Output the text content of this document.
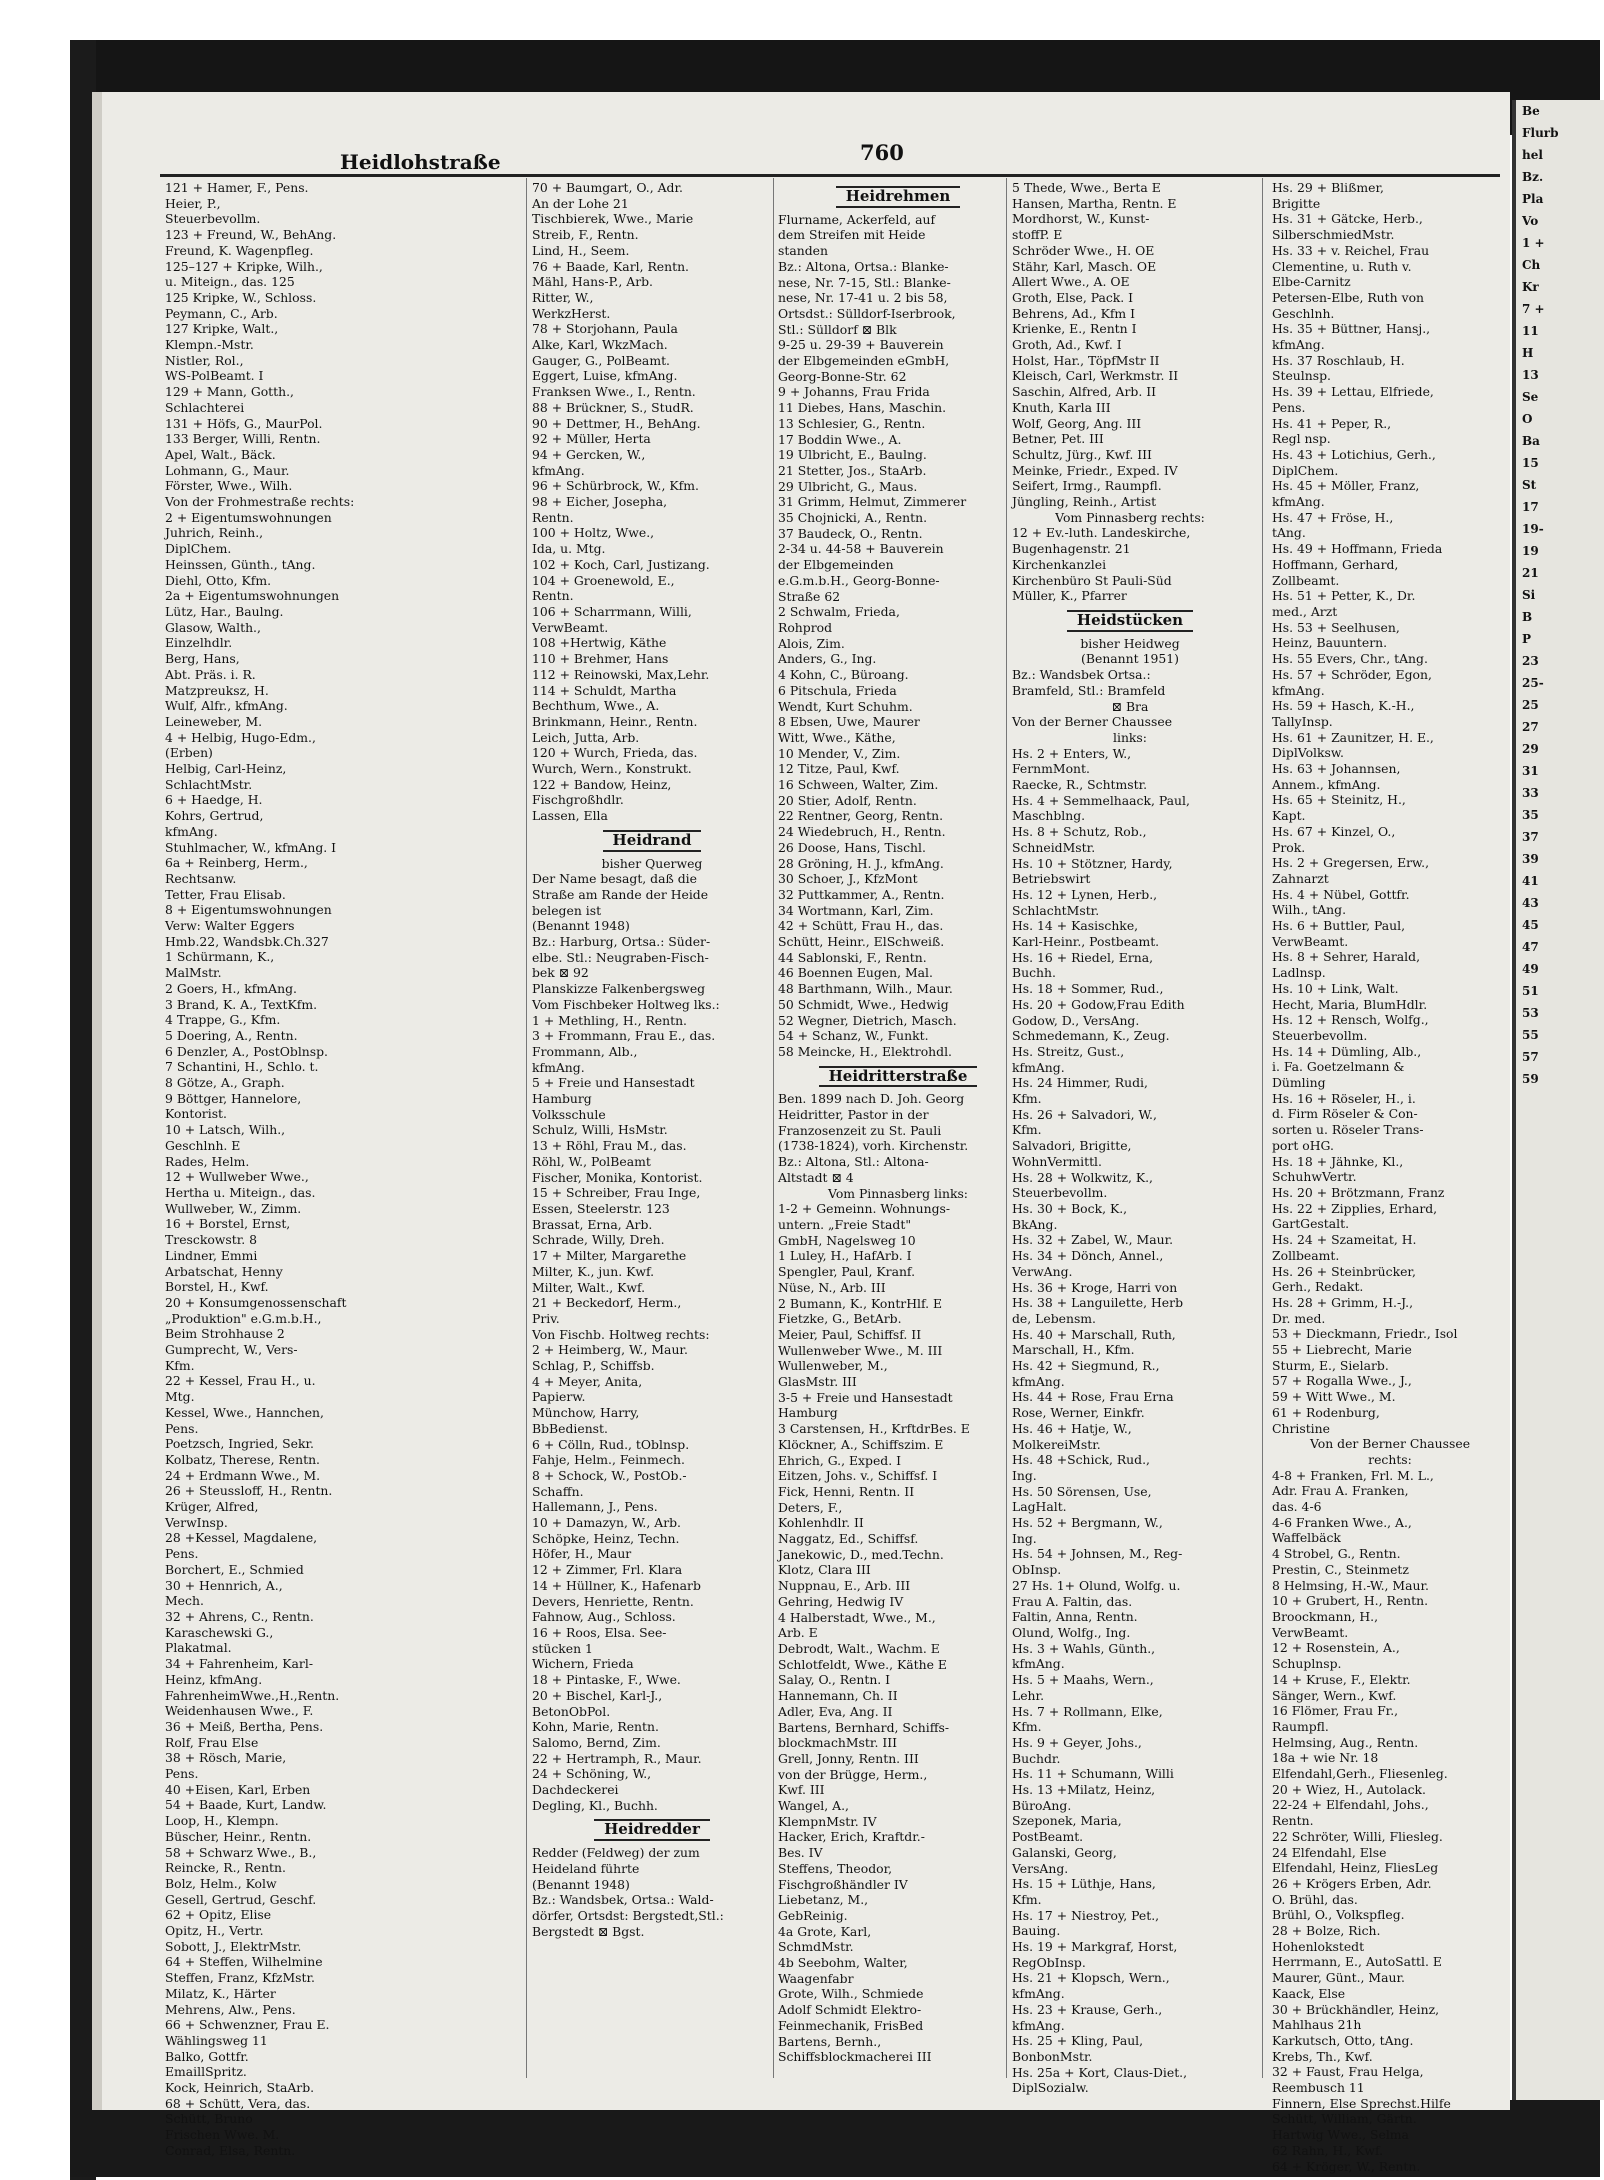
Be
Flurb
hel
Bz.
Pla
Vo
1 +
Ch
Kr
7 +
11
H
13
Se
O
Ba
15
St
17
19-
19
21
Si
B
P
23
25-
25
27
29
31
33
35
37
39
41
43
45
47
49
51
53
55
57
59
Heidlohstraße	760
121 + Hamer, F., Pens.
Heier, P.,
Steuerbevollm.
123 + Freund, W., BehAng.
Freund, K. Wagenpfleg.
125–127 + Kripke, Wilh.,
u. Miteign., das. 125
125 Kripke, W., Schloss.
Peymann, C., Arb.
127 Kripke, Walt.,
Klempn.-Mstr.
Nistler, Rol.,
WS-PolBeamt. I
129 + Mann, Gotth.,
Schlachterei
131 + Höfs, G., MaurPol.
133 Berger, Willi, Rentn.
Apel, Walt., Bäck.
Lohmann, G., Maur.
Förster, Wwe., Wilh.
Von der Frohmestraße rechts:
2 + Eigentumswohnungen
Juhrich, Reinh.,
DiplChem.
Heinssen, Günth., tAng.
Diehl, Otto, Kfm.
2a + Eigentumswohnungen
Lütz, Har., Baulng.
Glasow, Walth.,
Einzelhdlr.
Berg, Hans,
Abt. Präs. i. R.
Matzpreuksz, H.
Wulf, Alfr., kfmAng.
Leineweber, M.
4 + Helbig, Hugo-Edm.,
(Erben)
Helbig, Carl-Heinz,
SchlachtMstr.
6 + Haedge, H.
Kohrs, Gertrud,
kfmAng.
Stuhlmacher, W., kfmAng. I
6a + Reinberg, Herm.,
Rechtsanw.
Tetter, Frau Elisab.
8 + Eigentumswohnungen
Verw: Walter Eggers
Hmb.22, Wandsbk.Ch.327
1 Schürmann, K.,
MalMstr.
2 Goers, H., kfmAng.
3 Brand, K. A., TextKfm.
4 Trappe, G., Kfm.
5 Doering, A., Rentn.
6 Denzler, A., PostOblnsp.
7 Schantini, H., Schlo. t.
8 Götze, A., Graph.
9 Böttger, Hannelore,
Kontorist.
10 + Latsch, Wilh.,
Geschlnh. E
Rades, Helm.
12 + Wullweber Wwe.,
Hertha u. Miteign., das.
Wullweber, W., Zimm.
16 + Borstel, Ernst,
Tresckowstr. 8
Lindner, Emmi
Arbatschat, Henny
Borstel, H., Kwf.
20 + Konsumgenossenschaft
„Produktion" e.G.m.b.H.,
Beim Strohhause 2
Gumprecht, W., Vers-
Kfm.
22 + Kessel, Frau H., u.
Mtg.
Kessel, Wwe., Hannchen,
Pens.
Poetzsch, Ingried, Sekr.
Kolbatz, Therese, Rentn.
24 + Erdmann Wwe., M.
26 + Steussloff, H., Rentn.
Krüger, Alfred,
VerwInsp.
28 +Kessel, Magdalene,
Pens.
Borchert, E., Schmied
30 + Hennrich, A.,
Mech.
32 + Ahrens, C., Rentn.
Karaschewski G.,
Plakatmal.
34 + Fahrenheim, Karl-
Heinz, kfmAng.
FahrenheimWwe.,H.,Rentn.
Weidenhausen Wwe., F.
36 + Meiß, Bertha, Pens.
Rolf, Frau Else
38 + Rösch, Marie,
Pens.
40 +Eisen, Karl, Erben
54 + Baade, Kurt, Landw.
Loop, H., Klempn.
Büscher, Heinr., Rentn.
58 + Schwarz Wwe., B.,
Reincke, R., Rentn.
Bolz, Helm., Kolw
Gesell, Gertrud, Geschf.
62 + Opitz, Elise
Opitz, H., Vertr.
Sobott, J., ElektrMstr.
64 + Steffen, Wilhelmine
Steffen, Franz, KfzMstr.
Milatz, K., Härter
Mehrens, Alw., Pens.
66 + Schwenzner, Frau E.
Wählingsweg 11
Balko, Gottfr.
EmaillSpritz.
Kock, Heinrich, StaArb.
68 + Schütt, Vera, das.
Schütt, Bruno
Frischen Wwe. M.
Conrad, Elsa, Rentn.
70 + Baumgart, O., Adr.
An der Lohe 21
Tischbierek, Wwe., Marie
Streib, F., Rentn.
Lind, H., Seem.
76 + Baade, Karl, Rentn.
Mähl, Hans-P., Arb.
Ritter, W.,
WerkzHerst.
78 + Storjohann, Paula
Alke, Karl, WkzMach.
Gauger, G., PolBeamt.
Eggert, Luise, kfmAng.
Franksen Wwe., I., Rentn.
88 + Brückner, S., StudR.
90 + Dettmer, H., BehAng.
92 + Müller, Herta
94 + Gercken, W.,
kfmAng.
96 + Schürbrock, W., Kfm.
98 + Eicher, Josepha,
Rentn.
100 + Holtz, Wwe.,
Ida, u. Mtg.
102 + Koch, Carl, Justizang.
104 + Groenewold, E.,
Rentn.
106 + Scharrmann, Willi,
VerwBeamt.
108 +Hertwig, Käthe
110 + Brehmer, Hans
112 + Reinowski, Max,Lehr.
114 + Schuldt, Martha
Bechthum, Wwe., A.
Brinkmann, Heinr., Rentn.
Leich, Jutta, Arb.
120 + Wurch, Frieda, das.
Wurch, Wern., Konstrukt.
122 + Bandow, Heinz,
Fischgroßhdlr.
Lassen, Ella
Heidrand
bisher Querweg
Der Name besagt, daß die
Straße am Rande der Heide
belegen ist
(Benannt 1948)
Bz.: Harburg, Ortsa.: Süder-
elbe. Stl.: Neugraben-Fisch-
bek ⊠ 92
Planskizze Falkenbergsweg
Vom Fischbeker Holtweg lks.:
1 + Methling, H., Rentn.
3 + Frommann, Frau E., das.
Frommann, Alb.,
kfmAng.
5 + Freie und Hansestadt
Hamburg
Volksschule
Schulz, Willi, HsMstr.
13 + Röhl, Frau M., das.
Röhl, W., PolBeamt
Fischer, Monika, Kontorist.
15 + Schreiber, Frau Inge,
Essen, Steelerstr. 123
Brassat, Erna, Arb.
Schrade, Willy, Dreh.
17 + Milter, Margarethe
Milter, K., jun. Kwf.
Milter, Walt., Kwf.
21 + Beckedorf, Herm.,
Priv.
Von Fischb. Holtweg rechts:
2 + Heimberg, W., Maur.
Schlag, P., Schiffsb.
4 + Meyer, Anita,
Papierw.
Münchow, Harry,
BbBedienst.
6 + Cölln, Rud., tOblnsp.
Fahje, Helm., Feinmech.
8 + Schock, W., PostOb.-
Schaffn.
Hallemann, J., Pens.
10 + Damazyn, W., Arb.
Schöpke, Heinz, Techn.
Höfer, H., Maur
12 + Zimmer, Frl. Klara
14 + Hüllner, K., Hafenarb
Devers, Henriette, Rentn.
Fahnow, Aug., Schloss.
16 + Roos, Elsa. See-
stücken 1
Wichern, Frieda
18 + Pintaske, F., Wwe.
20 + Bischel, Karl-J.,
BetonObPol.
Kohn, Marie, Rentn.
Salomo, Bernd, Zim.
22 + Hertramph, R., Maur.
24 + Schöning, W.,
Dachdeckerei
Degling, Kl., Buchh.
Heidredder
Redder (Feldweg) der zum
Heideland führte
(Benannt 1948)
Bz.: Wandsbek, Ortsa.: Wald-
dörfer, Ortsdst: Bergstedt,Stl.:
Bergstedt ⊠ Bgst.
Heidrehmen
Flurname, Ackerfeld, auf
dem Streifen mit Heide
standen
Bz.: Altona, Ortsa.: Blanke-
nese, Nr. 7-15, Stl.: Blanke-
nese, Nr. 17-41 u. 2 bis 58,
Ortsdst.: Sülldorf-Iserbrook,
Stl.: Sülldorf ⊠ Blk
9-25 u. 29-39 + Bauverein
der Elbgemeinden eGmbH,
Georg-Bonne-Str. 62
9 + Johanns, Frau Frida
11 Diebes, Hans, Maschin.
13 Schlesier, G., Rentn.
17 Boddin Wwe., A.
19 Ulbricht, E., Baulng.
21 Stetter, Jos., StaArb.
29 Ulbricht, G., Maus.
31 Grimm, Helmut, Zimmerer
35 Chojnicki, A., Rentn.
37 Baudeck, O., Rentn.
2-34 u. 44-58 + Bauverein
der Elbgemeinden
e.G.m.b.H., Georg-Bonne-
Straße 62
2 Schwalm, Frieda,
Rohprod
Alois, Zim.
Anders, G., Ing.
4 Kohn, C., Büroang.
6 Pitschula, Frieda
Wendt, Kurt Schuhm.
8 Ebsen, Uwe, Maurer
Witt, Wwe., Käthe,
10 Mender, V., Zim.
12 Titze, Paul, Kwf.
16 Schween, Walter, Zim.
20 Stier, Adolf, Rentn.
22 Rentner, Georg, Rentn.
24 Wiedebruch, H., Rentn.
26 Doose, Hans, Tischl.
28 Gröning, H. J., kfmAng.
30 Schoer, J., KfzMont
32 Puttkammer, A., Rentn.
34 Wortmann, Karl, Zim.
42 + Schütt, Frau H., das.
Schütt, Heinr., ElSchweiß.
44 Sablonski, F., Rentn.
46 Boennen Eugen, Mal.
48 Barthmann, Wilh., Maur.
50 Schmidt, Wwe., Hedwig
52 Wegner, Dietrich, Masch.
54 + Schanz, W., Funkt.
58 Meincke, H., Elektrohdl.
Heidritterstraße
Ben. 1899 nach D. Joh. Georg
Heidritter, Pastor in der
Franzosenzeit zu St. Pauli
(1738-1824), vorh. Kirchenstr.
Bz.: Altona, Stl.: Altona-
Altstadt ⊠ 4
Vom Pinnasberg links:
1-2 + Gemeinn. Wohnungs-
untern. „Freie Stadt"
GmbH, Nagelsweg 10
1 Luley, H., HafArb. I
Spengler, Paul, Kranf.
Nüse, N., Arb. III
2 Bumann, K., KontrHlf. E
Fietzke, G., BetArb.
Meier, Paul, Schiffsf. II
Wullenweber Wwe., M. III
Wullenweber, M.,
GlasMstr. III
3-5 + Freie und Hansestadt
Hamburg
3 Carstensen, H., KrftdrBes. E
Klöckner, A., Schiffszim. E
Ehrich, G., Exped. I
Eitzen, Johs. v., Schiffsf. I
Fick, Henni, Rentn. II
Deters, F.,
Kohlenhdlr. II
Naggatz, Ed., Schiffsf.
Janekowic, D., med.Techn.
Klotz, Clara III
Nuppnau, E., Arb. III
Gehring, Hedwig IV
4 Halberstadt, Wwe., M.,
Arb. E
Debrodt, Walt., Wachm. E
Schlotfeldt, Wwe., Käthe E
Salay, O., Rentn. I
Hannemann, Ch. II
Adler, Eva, Ang. II
Bartens, Bernhard, Schiffs-
blockmachMstr. III
Grell, Jonny, Rentn. III
von der Brügge, Herm.,
Kwf. III
Wangel, A.,
KlempnMstr. IV
Hacker, Erich, Kraftdr.-
Bes. IV
Steffens, Theodor,
Fischgroßhändler IV
Liebetanz, M.,
GebReinig.
4a Grote, Karl,
SchmdMstr.
4b Seebohm, Walter,
Waagenfabr
Grote, Wilh., Schmiede
Adolf Schmidt Elektro-
Feinmechanik, FrisBed
Bartens, Bernh.,
Schiffsblockmacherei III
5 Thede, Wwe., Berta E
Hansen, Martha, Rentn. E
Mordhorst, W., Kunst-
stoffP. E
Schröder Wwe., H. OE
Stähr, Karl, Masch. OE
Allert Wwe., A. OE
Groth, Else, Pack. I
Behrens, Ad., Kfm I
Krienke, E., Rentn I
Groth, Ad., Kwf. I
Holst, Har., TöpfMstr II
Kleisch, Carl, Werkmstr. II
Saschin, Alfred, Arb. II
Knuth, Karla III
Wolf, Georg, Ang. III
Betner, Pet. III
Schultz, Jürg., Kwf. III
Meinke, Friedr., Exped. IV
Seifert, Irmg., Raumpfl.
Jüngling, Reinh., Artist
Vom Pinnasberg rechts:
12 + Ev.-luth. Landeskirche,
Bugenhagenstr. 21
Kirchenkanzlei
Kirchenbüro St Pauli-Süd
Müller, K., Pfarrer
Heidstücken
bisher Heidweg
(Benannt 1951)
Bz.: Wandsbek Ortsa.:
Bramfeld, Stl.: Bramfeld
⊠ Bra
Von der Berner Chaussee
links:
Hs. 2 + Enters, W.,
FernmMont.
Raecke, R., Schtmstr.
Hs. 4 + Semmelhaack, Paul,
Maschblng.
Hs. 8 + Schutz, Rob.,
SchneidMstr.
Hs. 10 + Stötzner, Hardy,
Betriebswirt
Hs. 12 + Lynen, Herb.,
SchlachtMstr.
Hs. 14 + Kasischke,
Karl-Heinr., Postbeamt.
Hs. 16 + Riedel, Erna,
Buchh.
Hs. 18 + Sommer, Rud.,
Hs. 20 + Godow,Frau Edith
Godow, D., VersAng.
Schmedemann, K., Zeug.
Hs. Streitz, Gust.,
kfmAng.
Hs. 24 Himmer, Rudi,
Kfm.
Hs. 26 + Salvadori, W.,
Kfm.
Salvadori, Brigitte,
WohnVermittl.
Hs. 28 + Wolkwitz, K.,
Steuerbevollm.
Hs. 30 + Bock, K.,
BkAng.
Hs. 32 + Zabel, W., Maur.
Hs. 34 + Dönch, Annel.,
VerwAng.
Hs. 36 + Kroge, Harri von
Hs. 38 + Languilette, Herb
de, Lebensm.
Hs. 40 + Marschall, Ruth,
Marschall, H., Kfm.
Hs. 42 + Siegmund, R.,
kfmAng.
Hs. 44 + Rose, Frau Erna
Rose, Werner, Einkfr.
Hs. 46 + Hatje, W.,
MolkereiMstr.
Hs. 48 +Schick, Rud.,
Ing.
Hs. 50 Sörensen, Use,
LagHalt.
Hs. 52 + Bergmann, W.,
Ing.
Hs. 54 + Johnsen, M., Reg-
ObInsp.
27 Hs. 1+ Olund, Wolfg. u.
Frau A. Faltin, das.
Faltin, Anna, Rentn.
Olund, Wolfg., Ing.
Hs. 3 + Wahls, Günth.,
kfmAng.
Hs. 5 + Maahs, Wern.,
Lehr.
Hs. 7 + Rollmann, Elke,
Kfm.
Hs. 9 + Geyer, Johs.,
Buchdr.
Hs. 11 + Schumann, Willi
Hs. 13 +Milatz, Heinz,
BüroAng.
Szeponek, Maria,
PostBeamt.
Galanski, Georg,
VersAng.
Hs. 15 + Lüthje, Hans,
Kfm.
Hs. 17 + Niestroy, Pet.,
Bauing.
Hs. 19 + Markgraf, Horst,
RegObInsp.
Hs. 21 + Klopsch, Wern.,
kfmAng.
Hs. 23 + Krause, Gerh.,
kfmAng.
Hs. 25 + Kling, Paul,
BonbonMstr.
Hs. 25a + Kort, Claus-Diet.,
DiplSozialw.
Hs. 29 + Blißmer,
Brigitte
Hs. 31 + Gätcke, Herb.,
SilberschmiedMstr.
Hs. 33 + v. Reichel, Frau
Clementine, u. Ruth v.
Elbe-Carnitz
Petersen-Elbe, Ruth von
Geschlnh.
Hs. 35 + Büttner, Hansj.,
kfmAng.
Hs. 37 Roschlaub, H.
Steulnsp.
Hs. 39 + Lettau, Elfriede,
Pens.
Hs. 41 + Peper, R.,
Regl nsp.
Hs. 43 + Lotichius, Gerh.,
DiplChem.
Hs. 45 + Möller, Franz,
kfmAng.
Hs. 47 + Fröse, H.,
tAng.
Hs. 49 + Hoffmann, Frieda
Hoffmann, Gerhard,
Zollbeamt.
Hs. 51 + Petter, K., Dr.
med., Arzt
Hs. 53 + Seelhusen,
Heinz, Bauuntern.
Hs. 55 Evers, Chr., tAng.
Hs. 57 + Schröder, Egon,
kfmAng.
Hs. 59 + Hasch, K.-H.,
TallyInsp.
Hs. 61 + Zaunitzer, H. E.,
DiplVolksw.
Hs. 63 + Johannsen,
Annem., kfmAng.
Hs. 65 + Steinitz, H.,
Kapt.
Hs. 67 + Kinzel, O.,
Prok.
Hs. 2 + Gregersen, Erw.,
Zahnarzt
Hs. 4 + Nübel, Gottfr.
Wilh., tAng.
Hs. 6 + Buttler, Paul,
VerwBeamt.
Hs. 8 + Sehrer, Harald,
Ladlnsp.
Hs. 10 + Link, Walt.
Hecht, Maria, BlumHdlr.
Hs. 12 + Rensch, Wolfg.,
Steuerbevollm.
Hs. 14 + Dümling, Alb.,
i. Fa. Goetzelmann &
Dümling
Hs. 16 + Röseler, H., i.
d. Firm Röseler & Con-
sorten u. Röseler Trans-
port oHG.
Hs. 18 + Jähnke, Kl.,
SchuhwVertr.
Hs. 20 + Brötzmann, Franz
Hs. 22 + Zipplies, Erhard,
GartGestalt.
Hs. 24 + Szameitat, H.
Zollbeamt.
Hs. 26 + Steinbrücker,
Gerh., Redakt.
Hs. 28 + Grimm, H.-J.,
Dr. med.
53 + Dieckmann, Friedr., Isol
55 + Liebrecht, Marie
Sturm, E., Sielarb.
57 + Rogalla Wwe., J.,
59 + Witt Wwe., M.
61 + Rodenburg,
Christine
Von der Berner Chaussee
rechts:
4-8 + Franken, Frl. M. L.,
Adr. Frau A. Franken,
das. 4-6
4-6 Franken Wwe., A.,
Waffelbäck
4 Strobel, G., Rentn.
Prestin, C., Steinmetz
8 Helmsing, H.-W., Maur.
10 + Grubert, H., Rentn.
Broockmann, H.,
VerwBeamt.
12 + Rosenstein, A.,
Schuplnsp.
14 + Kruse, F., Elektr.
Sänger, Wern., Kwf.
16 Flömer, Frau Fr.,
Raumpfl.
Helmsing, Aug., Rentn.
18a + wie Nr. 18
Elfendahl,Gerh., Fliesenleg.
20 + Wiez, H., Autolack.
22-24 + Elfendahl, Johs.,
Rentn.
22 Schröter, Willi, Fliesleg.
24 Elfendahl, Else
Elfendahl, Heinz, FliesLeg
26 + Krögers Erben, Adr.
O. Brühl, das.
Brühl, O., Volkspfleg.
28 + Bolze, Rich.
Hohenlokstedt
Herrmann, E., AutoSattl. E
Maurer, Günt., Maur.
Kaack, Else
30 + Brückhändler, Heinz,
Mahlhaus 21h
Karkutsch, Otto, tAng.
Krebs, Th., Kwf.
32 + Faust, Frau Helga,
Reembusch 11
Finnern, Else Sprechst.Hilfe
Schütt, William, Gärtn.
Hartwig Wwe., Selma
62 Rahn, H., Kwf.
64 + Kröger, W., Rentn.
